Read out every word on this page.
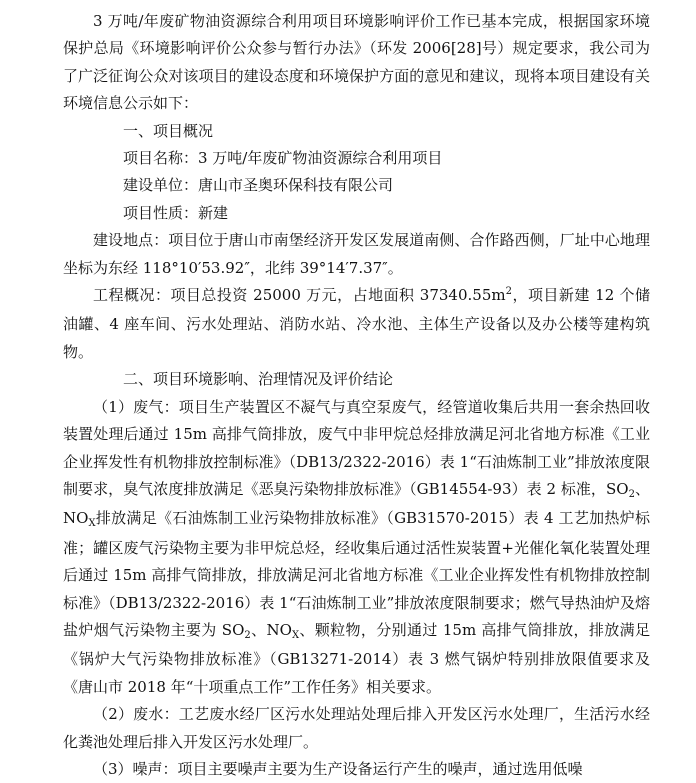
3 万吨/年废矿物油资源综合利用项目环境影响评价工作已基本完成，根据国家环境保护总局《环境影响评价公众参与暂行办法》（环发 2006[28]号）规定要求，我公司为了广泛征询公众对该项目的建设态度和环境保护方面的意见和建议，现将本项目建设有关环境信息公示如下：

一、项目概况

项目名称：3 万吨/年废矿物油资源综合利用项目

建设单位：唐山市圣奥环保科技有限公司

项目性质：新建

建设地点：项目位于唐山市南堡经济开发区发展道南侧、合作路西侧，厂址中心地理坐标为东经 118°10′53.92″，北纬 39°14′7.37″。

工程概况：项目总投资 25000 万元，占地面积 $37340.55m^2$，项目新建 12 个储油罐、4 座车间、污水处理站、消防水站、冷水池、主体生产设备以及办公楼等建构筑物。

二、项目环境影响、治理情况及评价结论

（1）废气：项目生产装置区不凝气与真空泵废气，经管道收集后共用一套余热回收装置处理后通过 15m 高排气筒排放，废气中非甲烷总烃排放满足河北省地方标准《工业企业挥发性有机物排放控制标准》（DB13/2322-2016）表 1“石油炼制工业”排放浓度限制要求，臭气浓度排放满足《恶臭污染物排放标准》（GB14554-93）表 2 标准，$SO_2$、$NO_X$排放满足《石油炼制工业污染物排放标准》（GB31570-2015）表 4 工艺加热炉标准；罐区废气污染物主要为非甲烷总烃，经收集后通过活性炭装置+光催化氧化装置处理后通过 15m 高排气筒排放，排放满足河北省地方标准《工业企业挥发性有机物排放控制标准》（DB13/2322-2016）表 1“石油炼制工业”排放浓度限制要求；燃气导热油炉及熔盐炉烟气污染物主要为 $SO_2$、$NO_X$、颗粒物，分别通过 15m 高排气筒排放，排放满足《锅炉大气污染物排放标准》（GB13271-2014）表 3 燃气锅炉特别排放限值要求及《唐山市 2018 年“十项重点工作”工作任务》相关要求。

（2）废水：工艺废水经厂区污水处理站处理后排入开发区污水处理厂，生活污水经化粪池处理后排入开发区污水处理厂。

（3）噪声：项目主要噪声主要为生产设备运行产生的噪声，通过选用低噪
